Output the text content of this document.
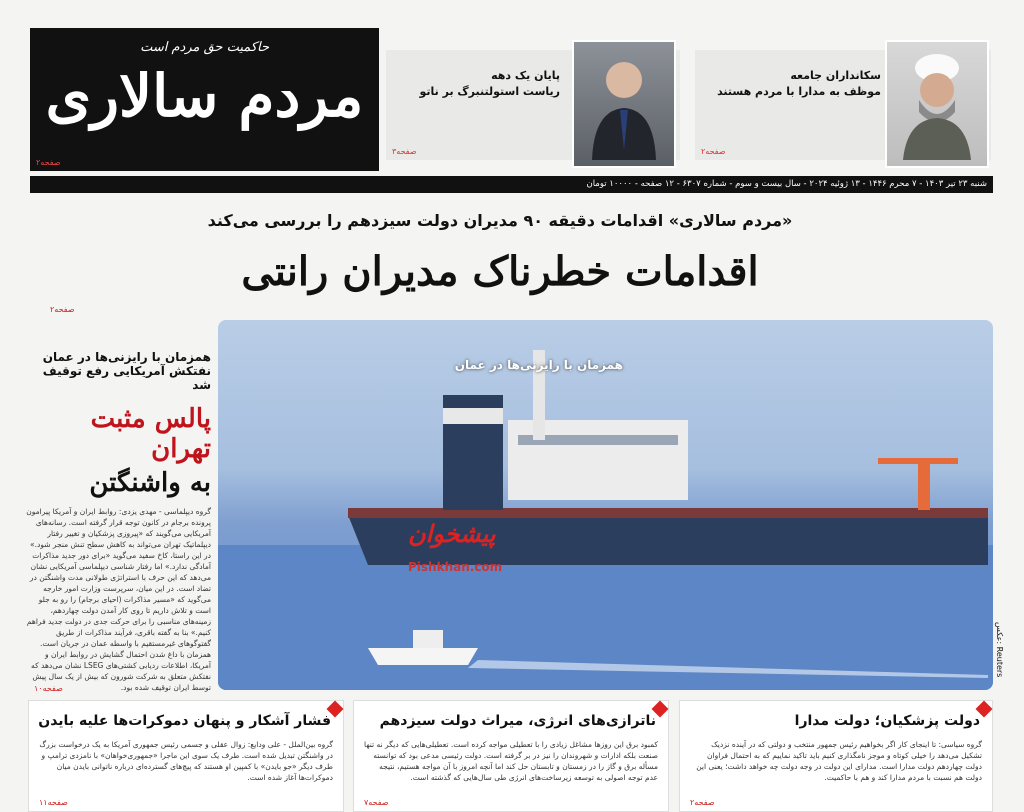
حاکمیت حق مردم است
مردم سالاری
صفحه۲
پایان یک دهه
ریاست استولتنبرگ بر ناتو
صفحه۳
سکانداران جامعه
موظف به مدارا با مردم هستند
صفحه۲
شنبه ۲۳ تیر ۱۴۰۳ - ۷ محرم ۱۴۴۶ - ۱۳ ژوئیه ۲۰۲۴ - سال بیست و سوم - شماره ۶۳۰۷ - ۱۲ صفحه - ۱۰۰۰۰ تومان
«مردم سالاری» اقدامات دقیقه ۹۰ مدیران دولت سیزدهم را بررسی می‌کند
اقدامات خطرناک مدیران رانتی
صفحه۲
همزمان با رایزنی‌ها در عمان
پیشخوان
Pishkhan.com
عکس: Reuters
همزمان با رایزنی‌ها در عمان نفتکش آمریکایی رفع توقیف شد
پالس مثبت تهران
به واشنگتن
گروه دیپلماسی - مهدی یزدی: روابط ایران و آمریکا پیرامون پرونده برجام در کانون توجه قرار گرفته است. رسانه‌های آمریکایی می‌گویند که «پیروزی پزشکیان و تغییر رفتار دیپلماتیک تهران می‌تواند به کاهش سطح تنش منجر شود.» در این راستا، کاخ سفید می‌گوید «برای دور جدید مذاکرات آمادگی ندارد.» اما رفتار شناسی دیپلماسی آمریکایی نشان می‌دهد که این حرف با استراتژی طولانی مدت واشنگتن در تضاد است. در این میان، سرپرست وزارت امور خارجه می‌گوید که «مسیر مذاکرات (احیای برجام) را رو به جلو است و تلاش داریم تا روی کار آمدن دولت چهاردهم، زمینه‌های مناسبی را برای حرکت جدی در دولت جدید فراهم کنیم.» بنا به گفته باقری، فرآیند مذاکرات از طریق گفتوگوهای غیرمستقیم با واسطه عمان در جریان است. همزمان با داغ شدن احتمال گشایش در روابط ایران و آمریکا، اطلاعات ردیابی کشتی‌های LSEG نشان می‌دهد که نفتکش متعلق به شرکت شورون که بیش از یک سال پیش توسط ایران توقیف شده بود.
صفحه۱۰
دولت پزشکیان؛ دولت مدارا
گروه سیاسی: تا اینجای کار اگر بخواهیم رئیس جمهور منتخب و دولتی که در آینده نزدیک تشکیل می‌دهد را خیلی کوتاه و موجز نامگذاری کنیم باید تاکید نماییم که به احتمال فراوان دولت چهاردهم دولت مدارا است. مدارای این دولت در وجه دولت چه خواهد داشت؛ یعنی این دولت هم نسبت با مردم مدارا کند و هم با حاکمیت.
صفحه۲
ناترازی‌های انرژی، میراث دولت سیزدهم
کمبود برق این روزها مشاغل زیادی را با تعطیلی مواجه کرده است. تعطیلی‌هایی که دیگر نه تنها صنعت بلکه ادارات و شهروندان را نیز در بر گرفته است. دولت رئیسی مدعی بود که توانسته مسأله برق و گاز را در زمستان و تابستان حل کند اما آنچه امروز با آن مواجه هستیم، نتیجه عدم توجه اصولی به توسعه زیرساخت‌های انرژی طی سال‌هایی که گذشته است.
صفحه۷
فشار آشکار و پنهان دموکرات‌ها علیه بایدن
گروه بین‌الملل - علی ودایع: زوال عقلی و جسمی رئیس جمهوری آمریکا به یک درخواست بزرگ در واشنگتن تبدیل شده است. طرف یک سوی این ماجرا «جمهوری‌خواهان» با نامزدی ترامپ و طرف دیگر «جو بایدن» با کمپین او هستند که پیچ‌های گسترده‌ای درباره ناتوانی بایدن میان دموکرات‌ها آغاز شده است.
صفحه۱۱
